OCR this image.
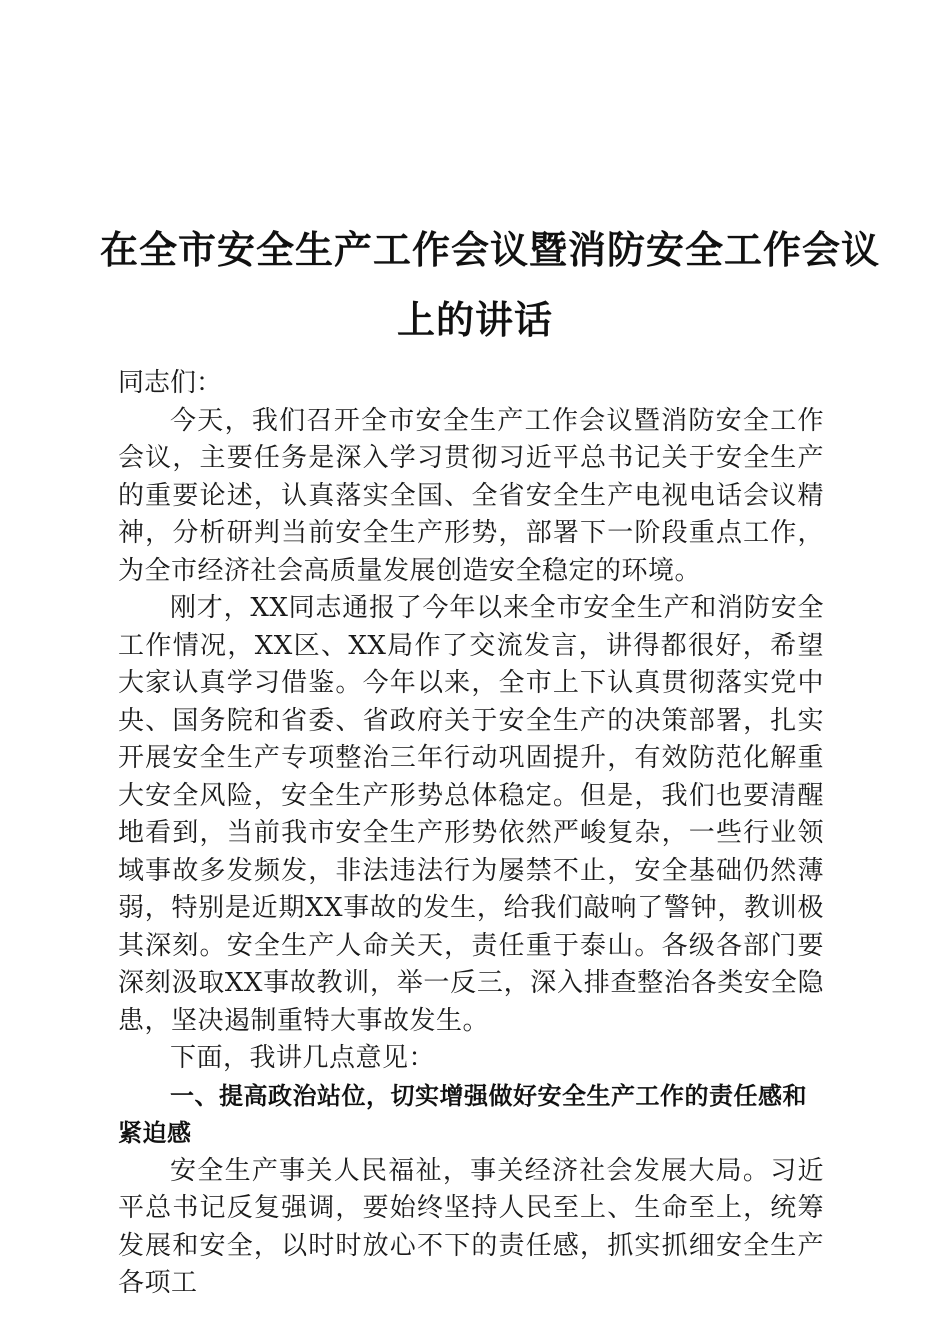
在全市安全生产工作会议暨消防安全工作会议
上的讲话

同志们：

今天，我们召开全市安全生产工作会议暨消防安全工作会议，主要任务是深入学习贯彻习近平总书记关于安全生产的重要论述，认真落实全国、全省安全生产电视电话会议精神，分析研判当前安全生产形势，部署下一阶段重点工作，为全市经济社会高质量发展创造安全稳定的环境。

刚才，XX同志通报了今年以来全市安全生产和消防安全工作情况，XX区、XX局作了交流发言，讲得都很好，希望大家认真学习借鉴。今年以来，全市上下认真贯彻落实党中央、国务院和省委、省政府关于安全生产的决策部署，扎实开展安全生产专项整治三年行动巩固提升，有效防范化解重大安全风险，安全生产形势总体稳定。但是，我们也要清醒地看到，当前我市安全生产形势依然严峻复杂，一些行业领域事故多发频发，非法违法行为屡禁不止，安全基础仍然薄弱，特别是近期XX事故的发生，给我们敲响了警钟，教训极其深刻。安全生产人命关天，责任重于泰山。各级各部门要深刻汲取XX事故教训，举一反三，深入排查整治各类安全隐患，坚决遏制重特大事故发生。

下面，我讲几点意见：

一、提高政治站位，切实增强做好安全生产工作的责任感和紧迫感

安全生产事关人民福祉，事关经济社会发展大局。习近平总书记反复强调，要始终坚持人民至上、生命至上，统筹发展和安全，以时时放心不下的责任感，抓实抓细安全生产各项工
